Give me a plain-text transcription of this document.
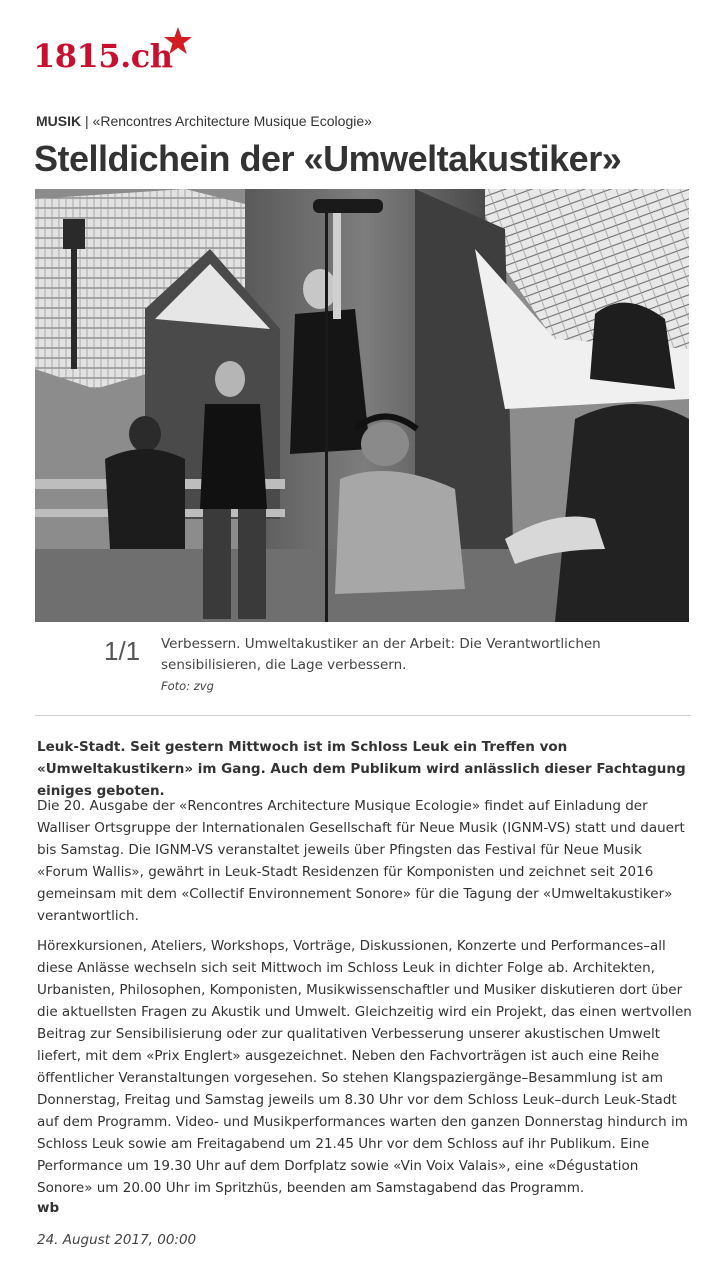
1815.ch
MUSIK | «Rencontres Architecture Musique Ecologie»
Stelldichein der «Umweltakustiker»
1/1 Verbessern. Umweltakustiker an der Arbeit: Die Verantwortlichen sensibilisieren, die Lage verbessern.
Foto: zvg

Leuk-Stadt. Seit gestern Mittwoch ist im Schloss Leuk ein Treffen von «Umweltakustikern» im Gang. Auch dem Publikum wird anlässlich dieser Fachtagung einiges geboten.

Die 20. Ausgabe der «Rencontres Architecture Musique Ecologie» findet auf Einladung der Walliser Ortsgruppe der Internationalen Gesellschaft für Neue Musik (IGNM-VS) statt und dauert bis Samstag. Die IGNM-VS veranstaltet jeweils über Pfingsten das Festival für Neue Musik «Forum Wallis», gewährt in Leuk-Stadt Residenzen für Komponisten und zeichnet seit 2016 gemeinsam mit dem «Collectif Environnement Sonore» für die Tagung der «Umweltakustiker» verantwortlich.

Hörexkursionen, Ateliers, Workshops, Vorträge, Diskussionen, Konzerte und Performances–all diese Anlässe wechseln sich seit Mittwoch im Schloss Leuk in dichter Folge ab. Architekten, Urbanisten, Philosophen, Komponisten, Musikwissenschaftler und Musiker diskutieren dort über die aktuellsten Fragen zu Akustik und Umwelt. Gleichzeitig wird ein Projekt, das einen wertvollen Beitrag zur Sensibilisierung oder zur qualitativen Verbesserung unserer akustischen Umwelt liefert, mit dem «Prix Englert» ausgezeichnet. Neben den Fachvorträgen ist auch eine Reihe öffentlicher Veranstaltungen vorgesehen. So stehen Klangspaziergänge–Besammlung ist am Donnerstag, Freitag und Samstag jeweils um 8.30 Uhr vor dem Schloss Leuk–durch Leuk-Stadt auf dem Programm. Video- und Musikperformances warten den ganzen Donnerstag hindurch im Schloss Leuk sowie am Freitagabend um 21.45 Uhr vor dem Schloss auf ihr Publikum. Eine Performance um 19.30 Uhr auf dem Dorfplatz sowie «Vin Voix Valais», eine «Dégustation Sonore» um 20.00 Uhr im Spritzhüs, beenden am Samstagabend das Programm.

wb
24. August 2017, 00:00
